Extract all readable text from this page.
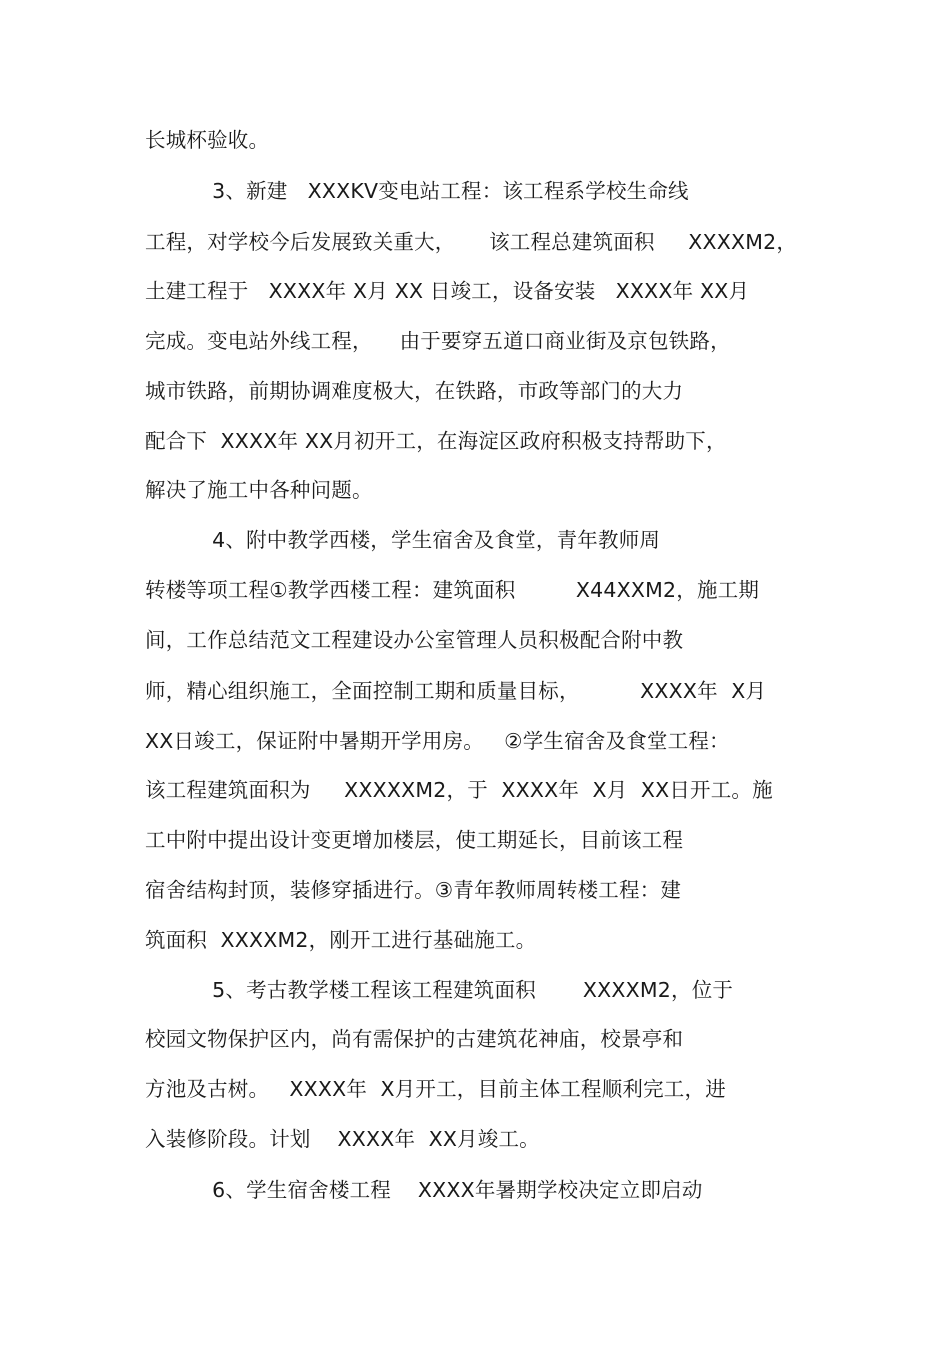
长城杯验收。
3、新建   XXXKV变电站工程：该工程系学校生命线
工程，对学校今后发展致关重大，     该工程总建筑面积     XXXXM2，
土建工程于   XXXX年 X月 XX 日竣工，设备安装   XXXX年 XX月
完成。变电站外线工程，    由于要穿五道口商业街及京包铁路，
城市铁路，前期协调难度极大，在铁路，市政等部门的大力
配合下  XXXX年 XX月初开工，在海淀区政府积极支持帮助下，
解决了施工中各种问题。
4、附中教学西楼，学生宿舍及食堂，青年教师周
转楼等项工程①教学西楼工程：建筑面积         X44XXM2，施工期
间，工作总结范文工程建设办公室管理人员积极配合附中教
师，精心组织施工，全面控制工期和质量目标，         XXXX年  X月
XX日竣工，保证附中暑期开学用房。   ②学生宿舍及食堂工程：
该工程建筑面积为     XXXXXM2，于  XXXX年  X月  XX日开工。施
工中附中提出设计变更增加楼层，使工期延长，目前该工程
宿舍结构封顶，装修穿插进行。③青年教师周转楼工程：建
筑面积  XXXXM2，刚开工进行基础施工。
5、考古教学楼工程该工程建筑面积       XXXXM2，位于
校园文物保护区内，尚有需保护的古建筑花神庙，校景亭和
方池及古树。   XXXX年  X月开工，目前主体工程顺利完工，进
入装修阶段。计划    XXXX年  XX月竣工。
6、学生宿舍楼工程    XXXX年暑期学校决定立即启动
